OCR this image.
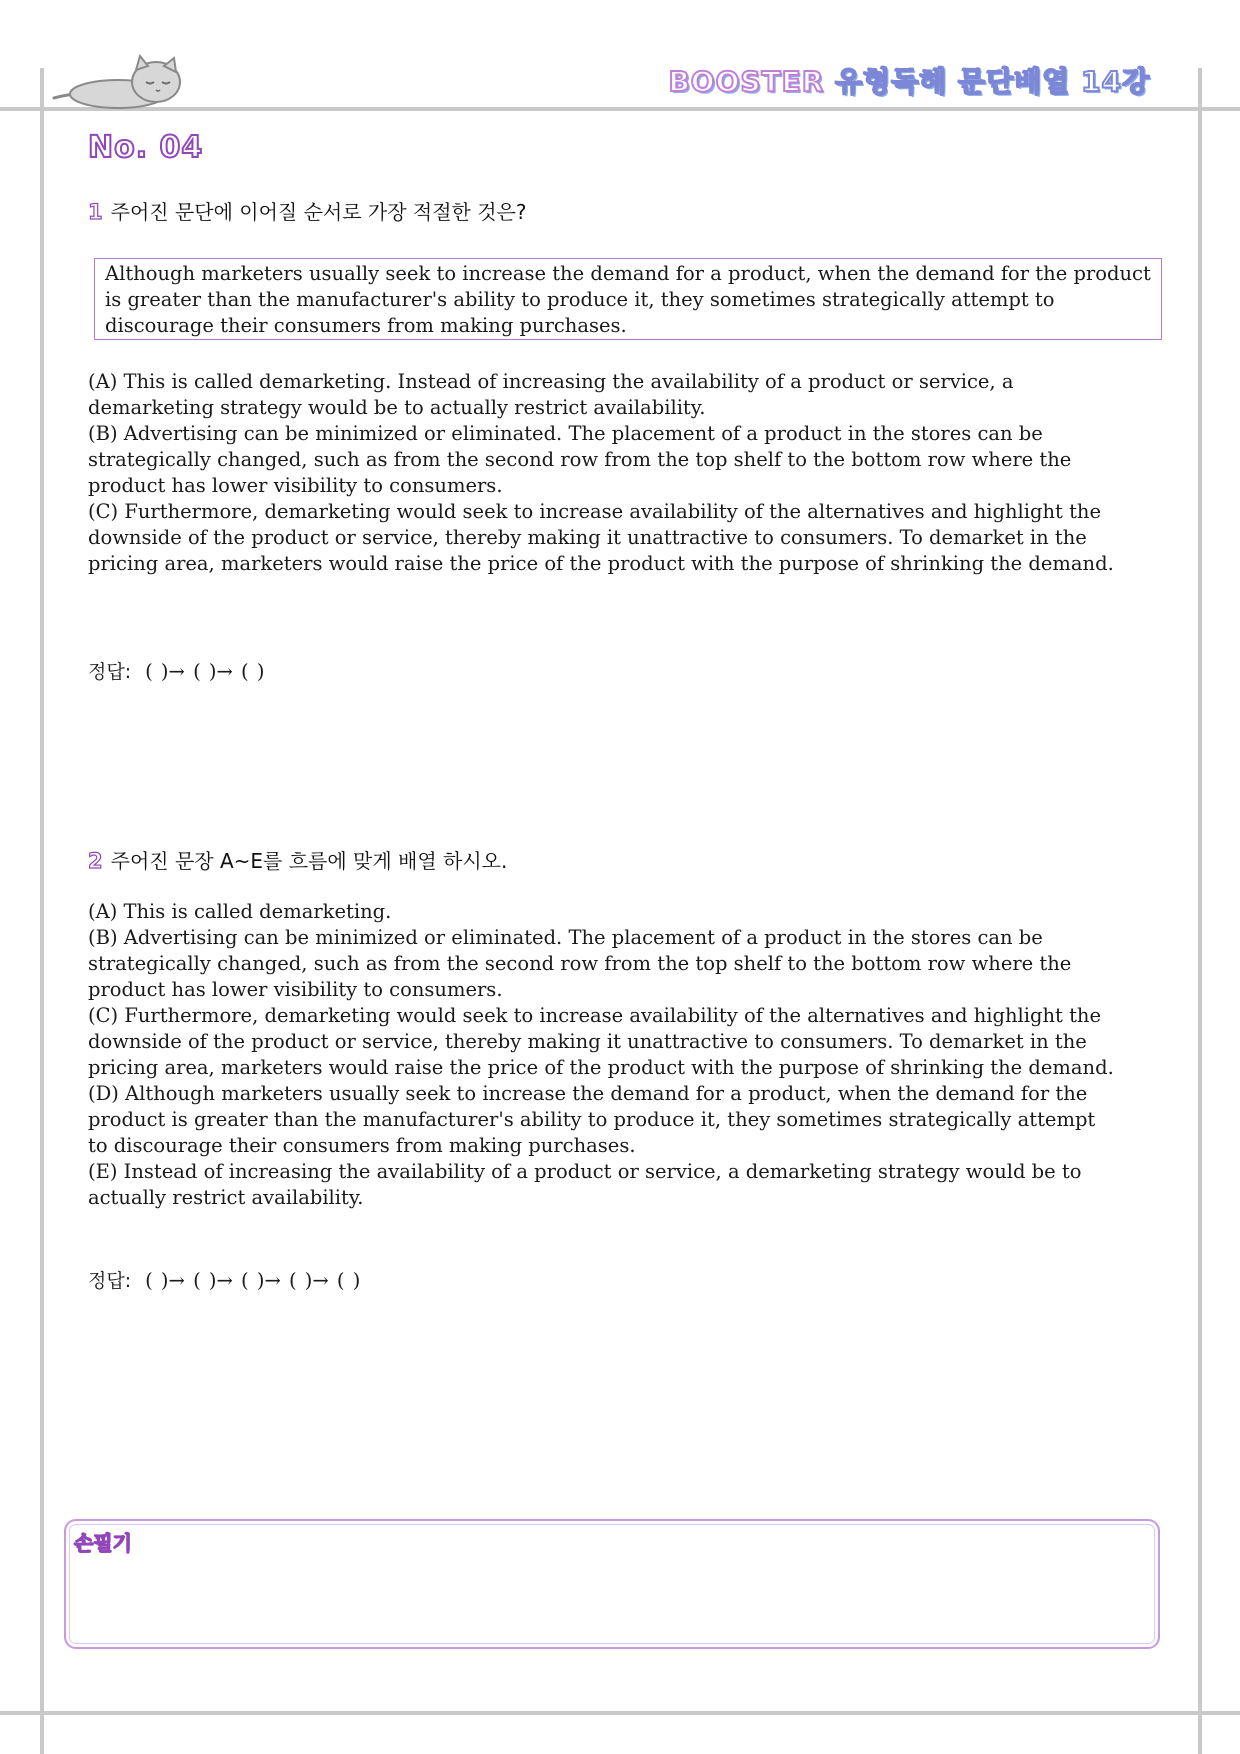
BOOSTER 유형독해 문단배열 14강
No. 04
1 주어진 문단에 이어질 순서로 가장 적절한 것은?
Although marketers usually seek to increase the demand for a product, when the demand for the product is greater than the manufacturer's ability to produce it, they sometimes strategically attempt to discourage their consumers from making purchases.
(A) This is called demarketing. Instead of increasing the availability of a product or service, a demarketing strategy would be to actually restrict availability.
(B) Advertising can be minimized or eliminated. The placement of a product in the stores can be strategically changed, such as from the second row from the top shelf to the bottom row where the product has lower visibility to consumers.
(C) Furthermore, demarketing would seek to increase availability of the alternatives and highlight the downside of the product or service, thereby making it unattractive to consumers. To demarket in the pricing area, marketers would raise the price of the product with the purpose of shrinking the demand.
정답: ( )→ ( )→ ( )
2 주어진 문장 A~E를 흐름에 맞게 배열 하시오.
(A) This is called demarketing.
(B) Advertising can be minimized or eliminated. The placement of a product in the stores can be strategically changed, such as from the second row from the top shelf to the bottom row where the product has lower visibility to consumers.
(C) Furthermore, demarketing would seek to increase availability of the alternatives and highlight the downside of the product or service, thereby making it unattractive to consumers. To demarket in the pricing area, marketers would raise the price of the product with the purpose of shrinking the demand.
(D) Although marketers usually seek to increase the demand for a product, when the demand for the product is greater than the manufacturer's ability to produce it, they sometimes strategically attempt to discourage their consumers from making purchases.
(E) Instead of increasing the availability of a product or service, a demarketing strategy would be to actually restrict availability.
정답: ( )→ ( )→ ( )→ ( )→ ( )
손필기
